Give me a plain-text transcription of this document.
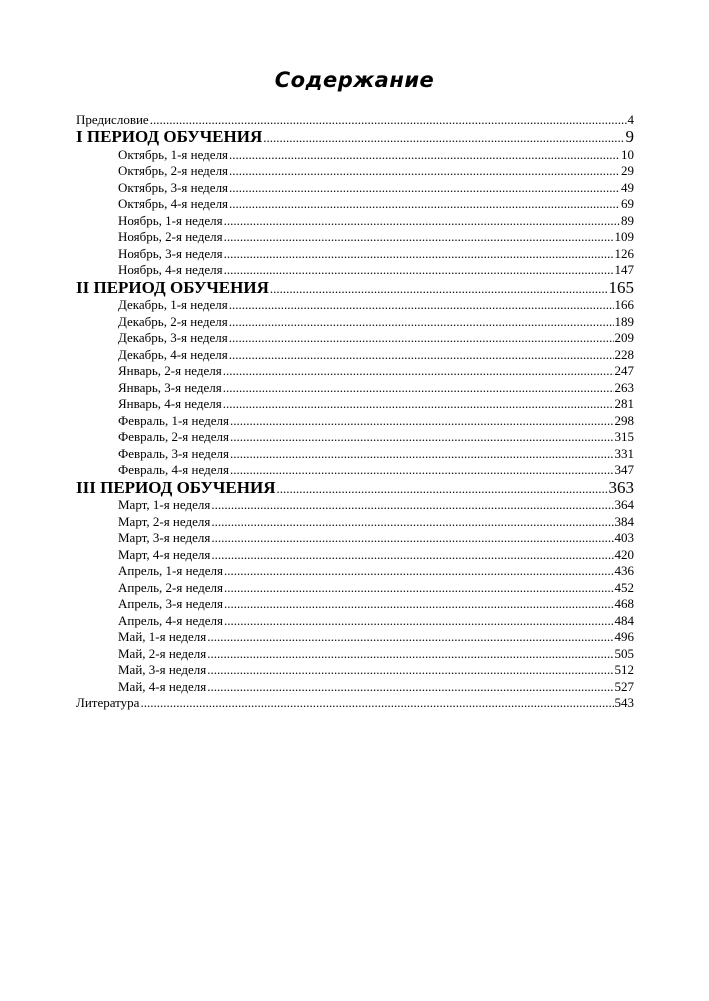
Содержание
Предисловие .....	4
I ПЕРИОД ОБУЧЕНИЯ .....	9
Октябрь, 1-я неделя .....	10
Октябрь, 2-я неделя .....	29
Октябрь, 3-я неделя .....	49
Октябрь, 4-я неделя .....	69
Ноябрь, 1-я неделя .....	89
Ноябрь, 2-я неделя .....	109
Ноябрь, 3-я неделя .....	126
Ноябрь, 4-я неделя .....	147
II ПЕРИОД ОБУЧЕНИЯ .....	165
Декабрь, 1-я неделя .....	166
Декабрь, 2-я неделя .....	189
Декабрь, 3-я неделя .....	209
Декабрь, 4-я неделя .....	228
Январь, 2-я неделя .....	247
Январь, 3-я неделя .....	263
Январь, 4-я неделя .....	281
Февраль, 1-я неделя .....	298
Февраль, 2-я неделя .....	315
Февраль, 3-я неделя .....	331
Февраль, 4-я неделя .....	347
III ПЕРИОД ОБУЧЕНИЯ .....	363
Март, 1-я неделя .....	364
Март, 2-я неделя .....	384
Март, 3-я неделя .....	403
Март, 4-я неделя .....	420
Апрель, 1-я неделя .....	436
Апрель, 2-я неделя .....	452
Апрель, 3-я неделя .....	468
Апрель, 4-я неделя .....	484
Май, 1-я неделя .....	496
Май, 2-я неделя .....	505
Май, 3-я неделя .....	512
Май, 4-я неделя .....	527
Литература .....	543
